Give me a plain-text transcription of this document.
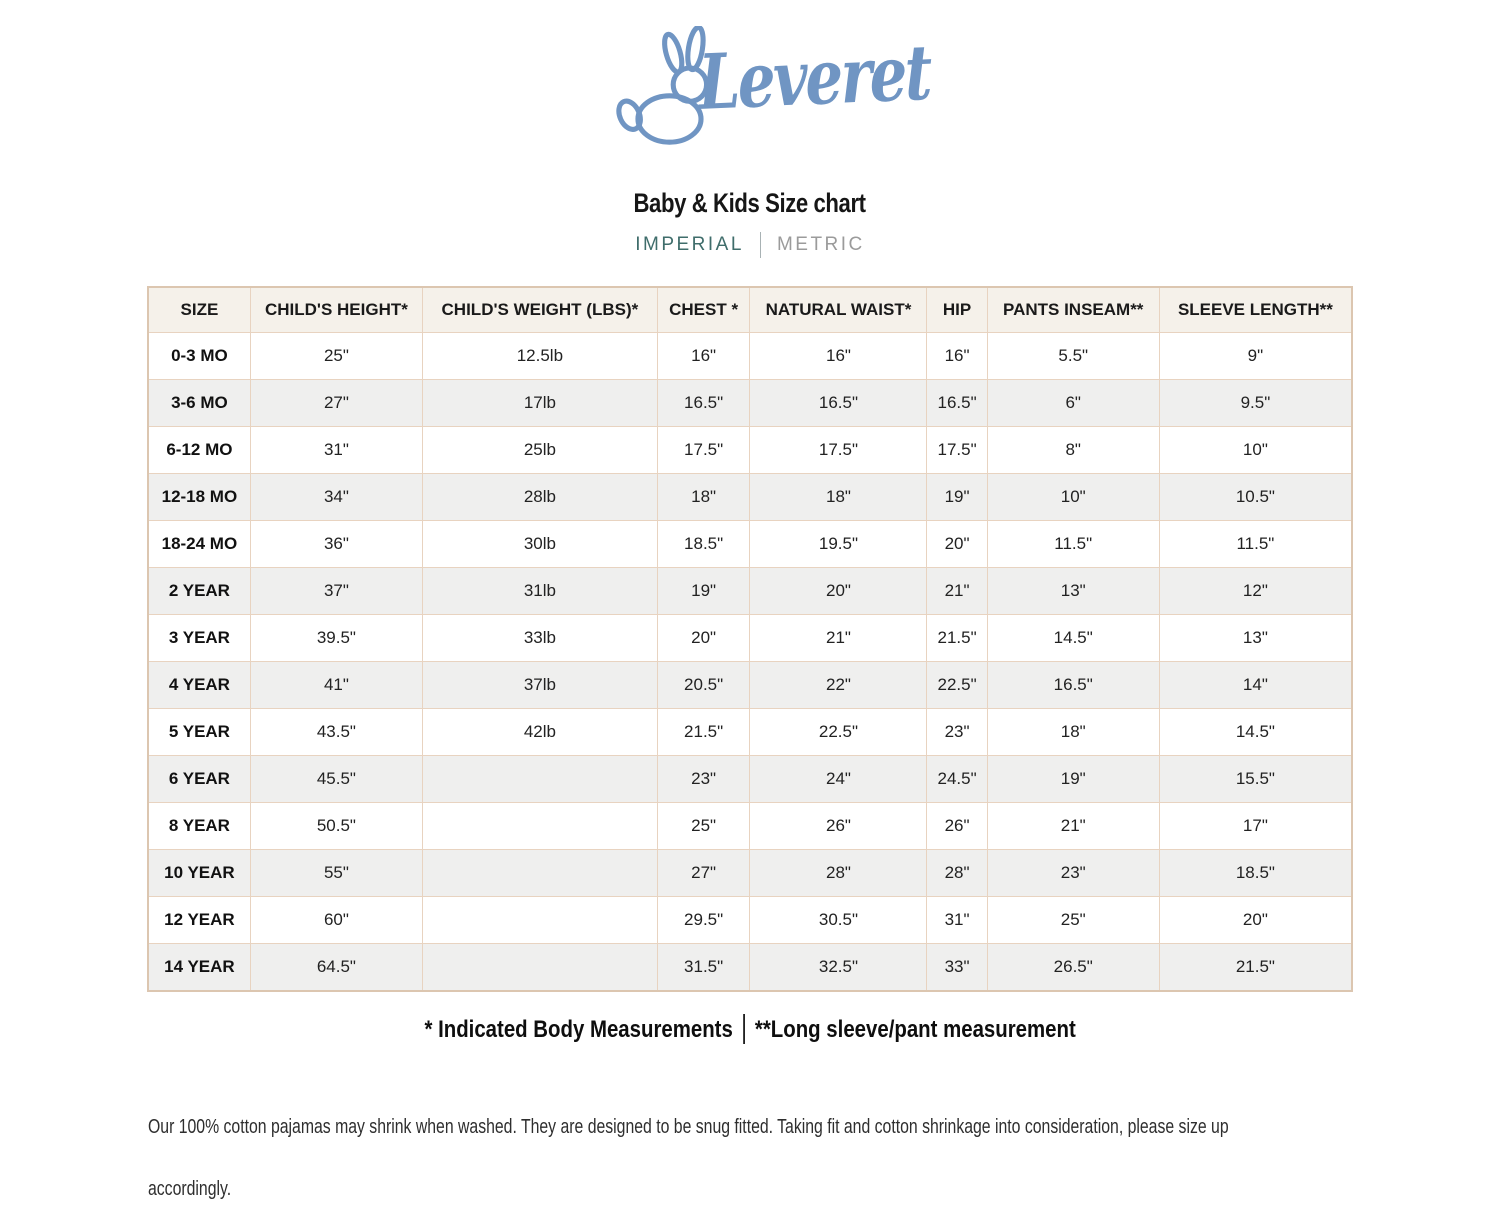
Leveret
Baby & Kids Size chart
IMPERIAL METRIC
SIZE	CHILD'S HEIGHT*	CHILD'S WEIGHT (LBS)*	CHEST *	NATURAL WAIST*	HIP	PANTS INSEAM**	SLEEVE LENGTH**
0-3 MO	25"	12.5lb	16"	16"	16"	5.5"	9"
3-6 MO	27"	17lb	16.5"	16.5"	16.5"	6"	9.5"
6-12 MO	31"	25lb	17.5"	17.5"	17.5"	8"	10"
12-18 MO	34"	28lb	18"	18"	19"	10"	10.5"
18-24 MO	36"	30lb	18.5"	19.5"	20"	11.5"	11.5"
2 YEAR	37"	31lb	19"	20"	21"	13"	12"
3 YEAR	39.5"	33lb	20"	21"	21.5"	14.5"	13"
4 YEAR	41"	37lb	20.5"	22"	22.5"	16.5"	14"
5 YEAR	43.5"	42lb	21.5"	22.5"	23"	18"	14.5"
6 YEAR	45.5"		23"	24"	24.5"	19"	15.5"
8 YEAR	50.5"		25"	26"	26"	21"	17"
10 YEAR	55"		27"	28"	28"	23"	18.5"
12 YEAR	60"		29.5"	30.5"	31"	25"	20"
14 YEAR	64.5"		31.5"	32.5"	33"	26.5"	21.5"
* Indicated Body Measurements **Long sleeve/pant measurement
Our 100% cotton pajamas may shrink when washed. They are designed to be snug fitted. Taking fit and cotton shrinkage into consideration, please size up
accordingly.
